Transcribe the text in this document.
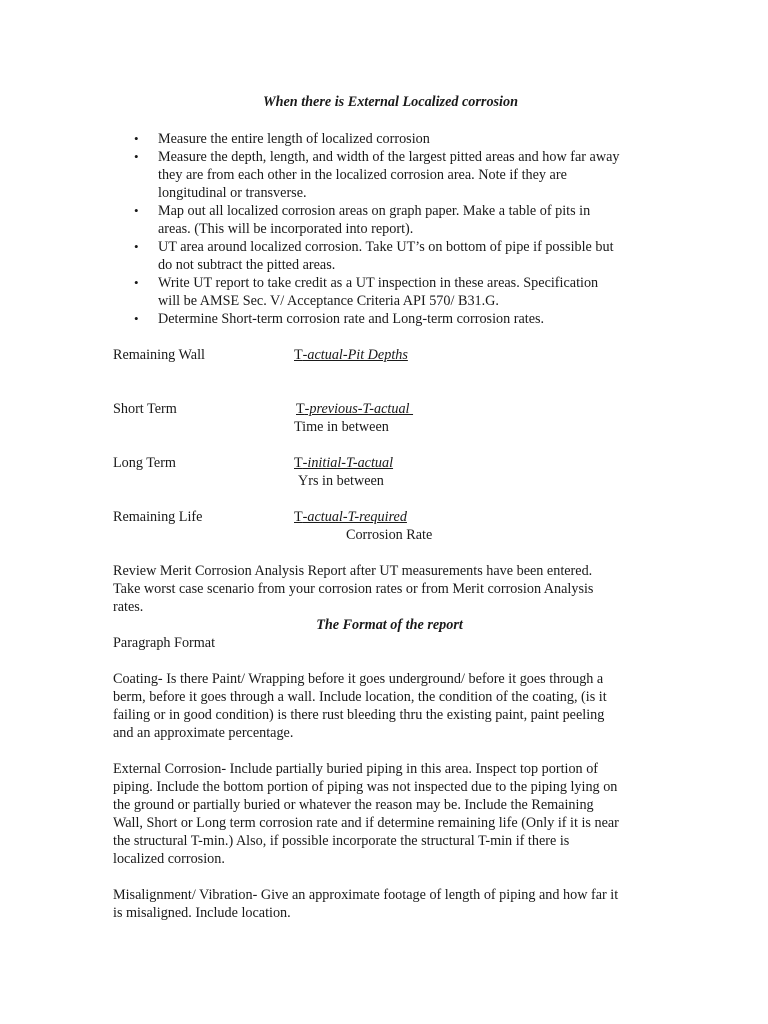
When there is External Localized corrosion
• Measure the entire length of localized corrosion
• Measure the depth, length, and width of the largest pitted areas and how far away
they are from each other in the localized corrosion area. Note if they are
longitudinal or transverse.
• Map out all localized corrosion areas on graph paper. Make a table of pits in
areas. (This will be incorporated into report).
• UT area around localized corrosion. Take UT’s on bottom of pipe if possible but
do not subtract the pitted areas.
• Write UT report to take credit as a UT inspection in these areas. Specification
will be AMSE Sec. V/ Acceptance Criteria API 570/ B31.G.
• Determine Short-term corrosion rate and Long-term corrosion rates.
Remaining Wall	T-actual-Pit Depths
Short Term	T-previous-T-actual
Time in between
Long Term	T-initial-T-actual
Yrs in between
Remaining Life	T-actual-T-required
Corrosion Rate
Review Merit Corrosion Analysis Report after UT measurements have been entered.
Take worst case scenario from your corrosion rates or from Merit corrosion Analysis
rates.
The Format of the report
Paragraph Format
Coating- Is there Paint/ Wrapping before it goes underground/ before it goes through a
berm, before it goes through a wall. Include location, the condition of the coating, (is it
failing or in good condition) is there rust bleeding thru the existing paint, paint peeling
and an approximate percentage.
External Corrosion- Include partially buried piping in this area. Inspect top portion of
piping. Include the bottom portion of piping was not inspected due to the piping lying on
the ground or partially buried or whatever the reason may be. Include the Remaining
Wall, Short or Long term corrosion rate and if determine remaining life (Only if it is near
the structural T-min.) Also, if possible incorporate the structural T-min if there is
localized corrosion.
Misalignment/ Vibration- Give an approximate footage of length of piping and how far it
is misaligned. Include location.
